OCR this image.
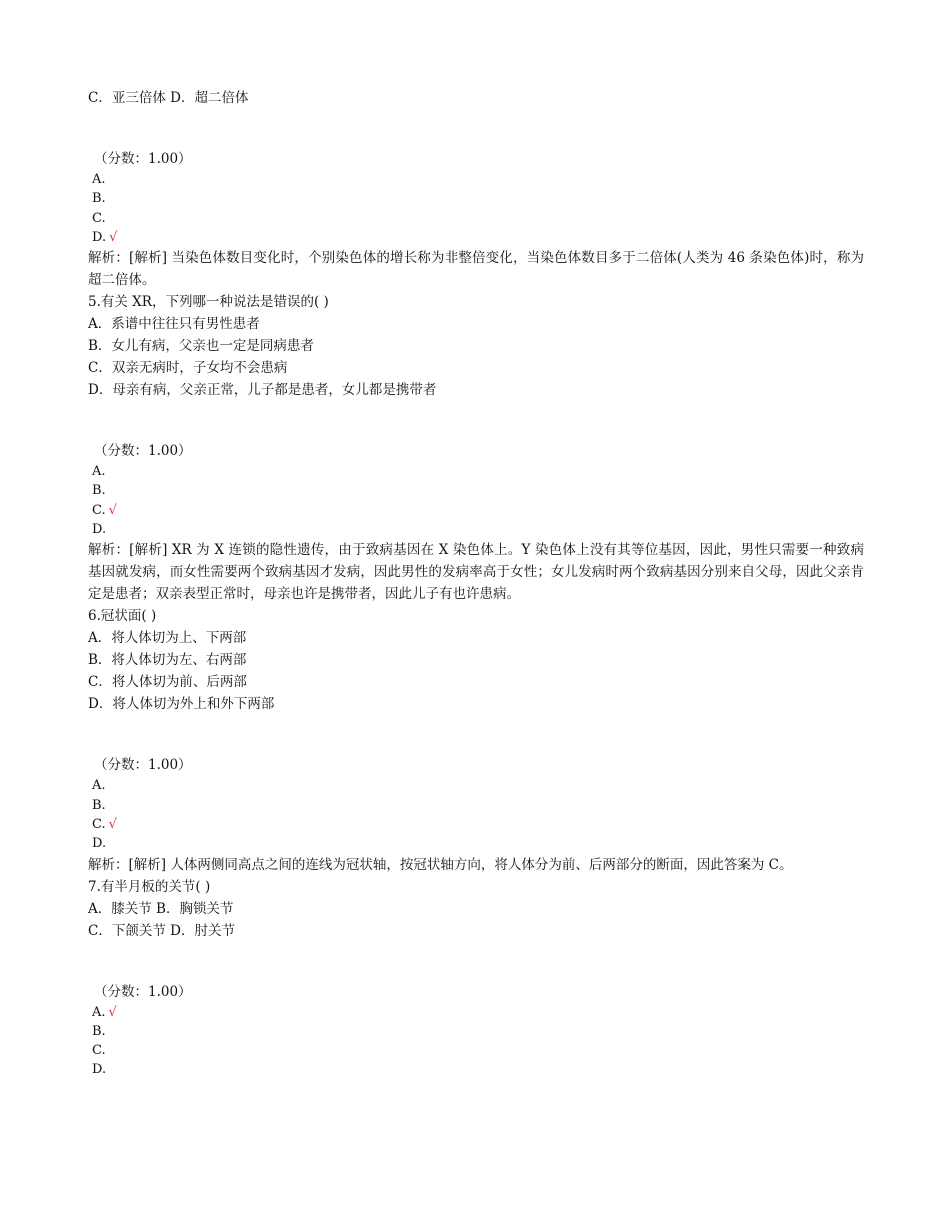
C．亚三倍体 D．超二倍体
（分数：1.00）
A.
B.
C.
D. √
解析：[解析] 当染色体数目变化时，个别染色体的增长称为非整倍变化，当染色体数目多于二倍体(人类为 46 条染色体)时，称为超二倍体。
5.有关 XR，下列哪一种说法是错误的( )
A．系谱中往往只有男性患者
B．女儿有病，父亲也一定是同病患者
C．双亲无病时，子女均不会患病
D．母亲有病，父亲正常，儿子都是患者，女儿都是携带者
（分数：1.00）
A.
B.
C. √
D.
解析：[解析] XR 为 X 连锁的隐性遗传，由于致病基因在 X 染色体上。Y 染色体上没有其等位基因，因此，男性只需要一种致病基因就发病，而女性需要两个致病基因才发病，因此男性的发病率高于女性；女儿发病时两个致病基因分别来自父母，因此父亲肯定是患者；双亲表型正常时，母亲也许是携带者，因此儿子有也许患病。
6.冠状面( )
A．将人体切为上、下两部
B．将人体切为左、右两部
C．将人体切为前、后两部
D．将人体切为外上和外下两部
（分数：1.00）
A.
B.
C. √
D.
解析：[解析] 人体两侧同高点之间的连线为冠状轴，按冠状轴方向，将人体分为前、后两部分的断面，因此答案为 C。
7.有半月板的关节( )
A．膝关节 B．胸锁关节
C．下颌关节 D．肘关节
（分数：1.00）
A. √
B.
C.
D.
